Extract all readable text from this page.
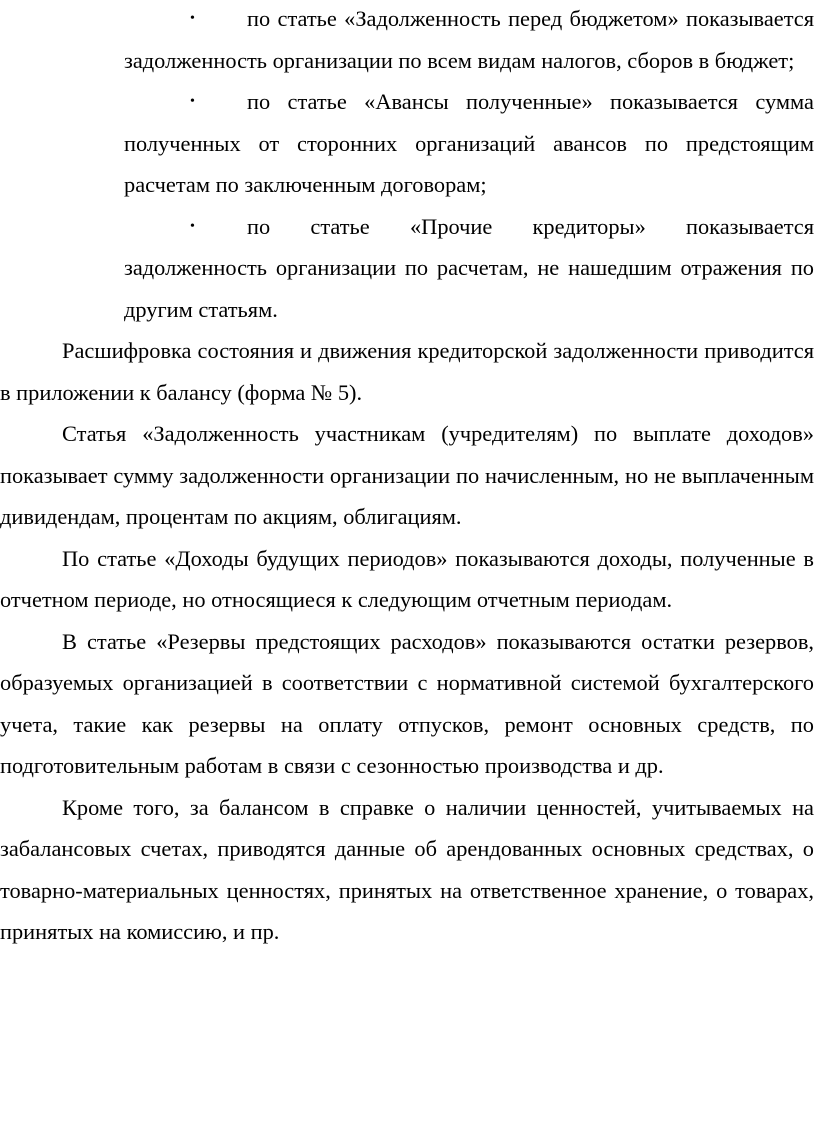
• по статье «Задолженность перед бюджетом» показывается задолженность организации по всем видам налогов, сборов в бюджет;
• по статье «Авансы полученные» показывается сумма полученных от сторонних организаций авансов по предстоящим расчетам по заключенным договорам;
• по статье «Прочие кредиторы» показывается задолженность организации по расчетам, не нашедшим отражения по другим статьям.

Расшифровка состояния и движения кредиторской задолженности приводится в приложении к балансу (форма № 5).

Статья «Задолженность участникам (учредителям) по выплате доходов» показывает сумму задолженности организации по начисленным, но не выплаченным дивидендам, процентам по акциям, облигациям.

По статье «Доходы будущих периодов» показываются доходы, полученные в отчетном периоде, но относящиеся к следующим отчетным периодам.

В статье «Резервы предстоящих расходов» показываются остатки резервов, образуемых организацией в соответствии с нормативной системой бухгалтерского учета, такие как резервы на оплату отпусков, ремонт основных средств, по подготовительным работам в связи с сезонностью производства и др.

Кроме того, за балансом в справке о наличии ценностей, учитываемых на забалансовых счетах, приводятся данные об арендованных основных средствах, о товарно-материальных ценностях, принятых на ответственное хранение, о товарах, принятых на комиссию, и пр.
